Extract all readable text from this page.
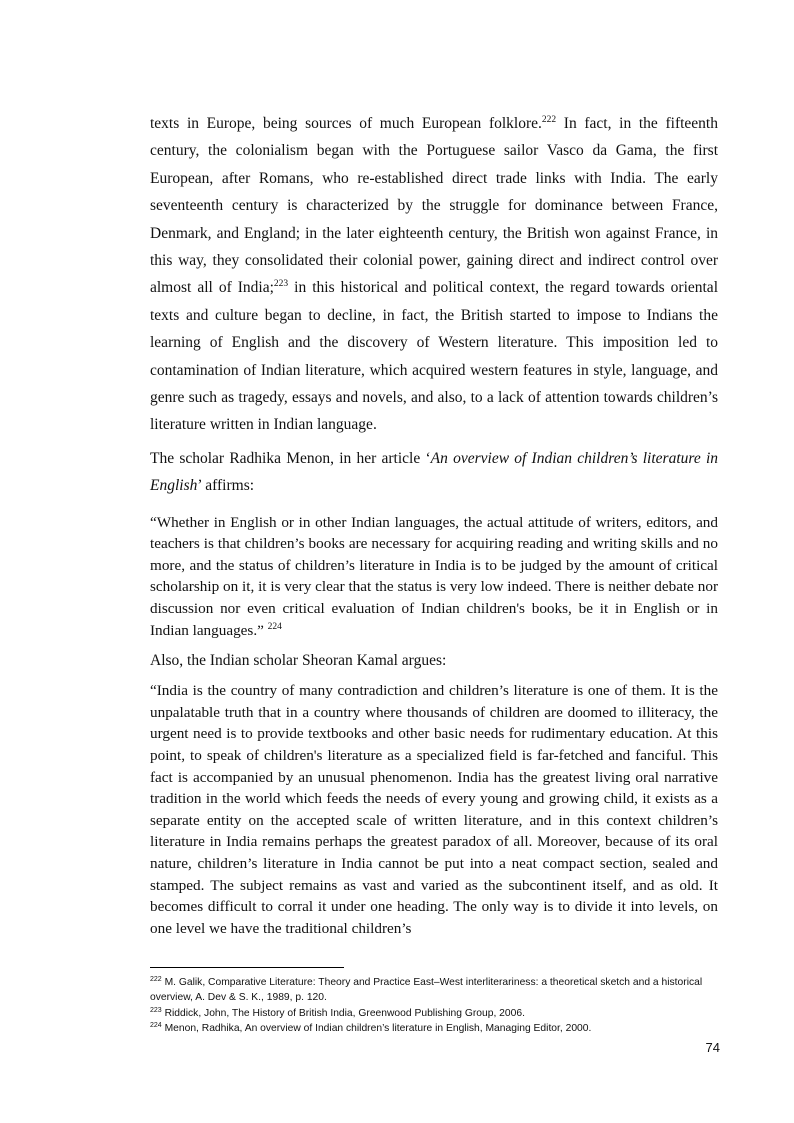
texts in Europe, being sources of much European folklore.$^{222}$ In fact, in the fifteenth century, the colonialism began with the Portuguese sailor Vasco da Gama, the first European, after Romans, who re-established direct trade links with India. The early seventeenth century is characterized by the struggle for dominance between France, Denmark, and England; in the later eighteenth century, the British won against France, in this way, they consolidated their colonial power, gaining direct and indirect control over almost all of India;$^{223}$ in this historical and political context, the regard towards oriental texts and culture began to decline, in fact, the British started to impose to Indians the learning of English and the discovery of Western literature. This imposition led to contamination of Indian literature, which acquired western features in style, language, and genre such as tragedy, essays and novels, and also, to a lack of attention towards children’s literature written in Indian language.

The scholar Radhika Menon, in her article ‘An overview of Indian children’s literature in English’ affirms:

“Whether in English or in other Indian languages, the actual attitude of writers, editors, and teachers is that children’s books are necessary for acquiring reading and writing skills and no more, and the status of children’s literature in India is to be judged by the amount of critical scholarship on it, it is very clear that the status is very low indeed. There is neither debate nor discussion nor even critical evaluation of Indian children's books, be it in English or in Indian languages.” $^{224}$

Also, the Indian scholar Sheoran Kamal argues:

“India is the country of many contradiction and children’s literature is one of them. It is the unpalatable truth that in a country where thousands of children are doomed to illiteracy, the urgent need is to provide textbooks and other basic needs for rudimentary education. At this point, to speak of children's literature as a specialized field is far-fetched and fanciful. This fact is accompanied by an unusual phenomenon. India has the greatest living oral narrative tradition in the world which feeds the needs of every young and growing child, it exists as a separate entity on the accepted scale of written literature, and in this context children’s literature in India remains perhaps the greatest paradox of all. Moreover, because of its oral nature, children’s literature in India cannot be put into a neat compact section, sealed and stamped. The subject remains as vast and varied as the subcontinent itself, and as old. It becomes difficult to corral it under one heading. The only way is to divide it into levels, on one level we have the traditional children’s

$^{222}$ M. Galik, Comparative Literature: Theory and Practice East–West interliterariness: a theoretical sketch and a historical overview, A. Dev & S. K., 1989, p. 120.

$^{223}$ Riddick, John, The History of British India, Greenwood Publishing Group, 2006.

$^{224}$ Menon, Radhika, An overview of Indian children’s literature in English, Managing Editor, 2000.

74
